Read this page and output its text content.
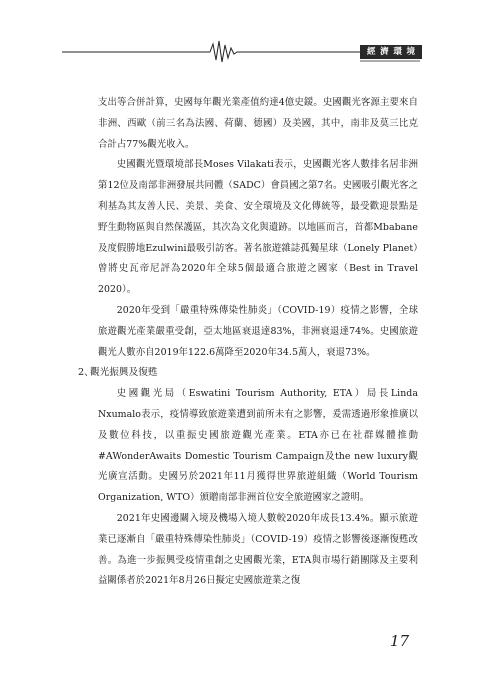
經 濟 環 境

支出等合併計算，史國每年觀光業產值約達4億史鍰。史國觀光客源主要來自非洲、西歐（前三名為法國、荷蘭、德國）及美國，其中，南非及莫三比克合計占77%觀光收入。

史國觀光暨環境部長Moses Vilakati表示，史國觀光客人數排名居非洲第12位及南部非洲發展共同體（SADC）會員國之第7名。史國吸引觀光客之利基為其友善人民、美景、美食、安全環境及文化傳統等，最受歡迎景點是野生動物區與自然保護區，其次為文化與遺跡。以地區而言，首都Mbabane及度假勝地Ezulwini最吸引訪客。著名旅遊雜誌孤獨星球（Lonely Planet）曾將史瓦帝尼評為2020年全球5個最適合旅遊之國家（Best in Travel 2020）。

2020年受到「嚴重特殊傳染性肺炎」（COVID-19）疫情之影響，全球旅遊觀光產業嚴重受創，亞太地區衰退達83%，非洲衰退達74%。史國旅遊觀光人數亦自2019年122.6萬降至2020年34.5萬人，衰退73%。

2、觀光振興及復甦

史國觀光局（Eswatini Tourism Authority, ETA）局長Linda Nxumalo表示，疫情導致旅遊業遭到前所未有之影響，爰需透過形象推廣以及數位科技，以重振史國旅遊觀光產業。ETA亦已在社群媒體推動#AWonderAwaits Domestic Tourism Campaign及the new luxury觀光廣宣活動。史國另於2021年11月獲得世界旅遊組織（World Tourism Organization, WTO）頒贈南部非洲首位安全旅遊國家之證明。

2021年史國邊關入境及機場入境人數較2020年成長13.4%。顯示旅遊業已逐漸自「嚴重特殊傳染性肺炎」（COVID-19）疫情之影響後逐漸復甦改善。為進一步振興受疫情重創之史國觀光業，ETA與市場行銷團隊及主要利益關係者於2021年8月26日擬定史國旅遊業之復

17
